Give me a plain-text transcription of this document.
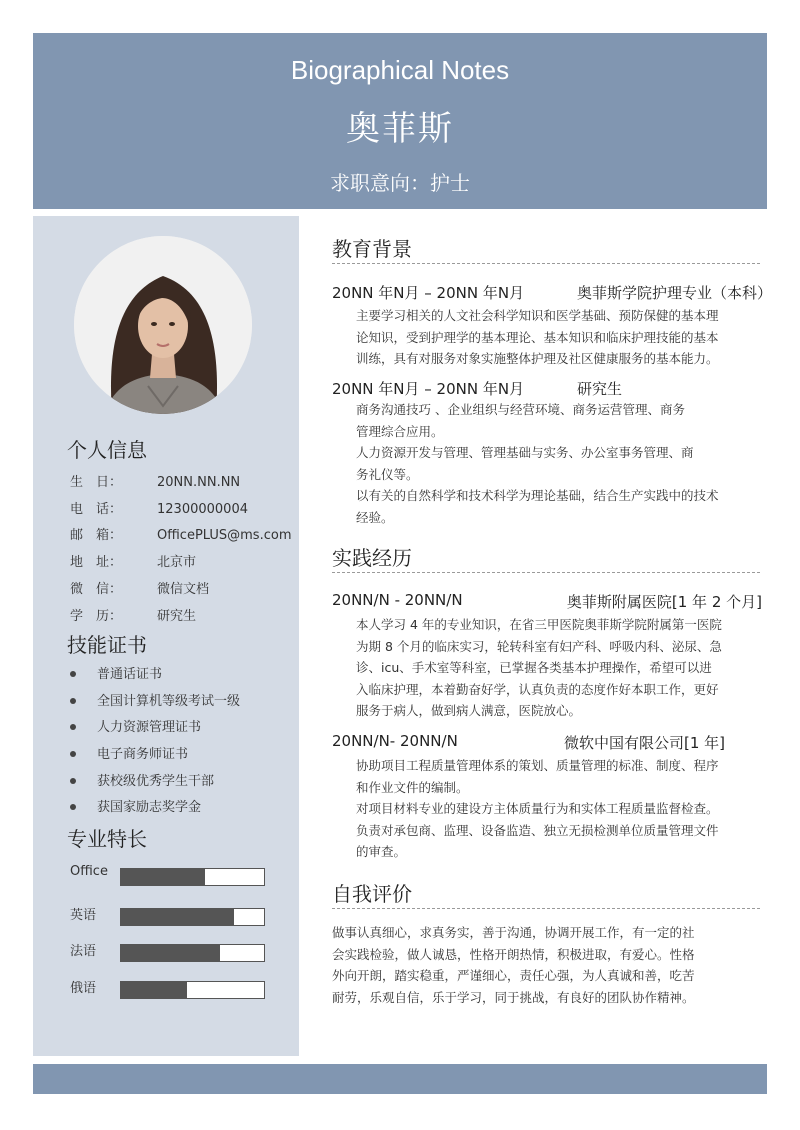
Biographical Notes
奥菲斯
求职意向：护士
个人信息
生　日：	20NN.NN.NN
电　话：	12300000004
邮　箱：	OfficePLUS@ms.com
地　址：	北京市
微　信：	微信文档
学　历：	研究生
技能证书
普通话证书
全国计算机等级考试一级
人力资源管理证书
电子商务师证书
获校级优秀学生干部
获国家励志奖学金
专业特长
Office
英语
法语
俄语
教育背景
20NN 年N月 – 20NN 年N月	奥菲斯学院护理专业（本科）
主要学习相关的人文社会科学知识和医学基础、预防保健的基本理
论知识，受到护理学的基本理论、基本知识和临床护理技能的基本
训练，具有对服务对象实施整体护理及社区健康服务的基本能力。
20NN 年N月 – 20NN 年N月	研究生
商务沟通技巧 、企业组织与经营环境、商务运营管理、商务
管理综合应用。
人力资源开发与管理、管理基础与实务、办公室事务管理、商
务礼仪等。
以有关的自然科学和技术科学为理论基础，结合生产实践中的技术
经验。
实践经历
20NN/N - 20NN/N	奥菲斯附属医院[1 年 2 个月]
本人学习 4 年的专业知识，在省三甲医院奥菲斯学院附属第一医院
为期 8 个月的临床实习，轮转科室有妇产科、呼吸内科、泌尿、急
诊、icu、手术室等科室，已掌握各类基本护理操作，希望可以进
入临床护理，本着勤奋好学，认真负责的态度作好本职工作，更好
服务于病人，做到病人满意，医院放心。
20NN/N- 20NN/N	微软中国有限公司[1 年]
协助项目工程质量管理体系的策划、质量管理的标准、制度、程序
和作业文件的编制。
对项目材料专业的建设方主体质量行为和实体工程质量监督检查。
负责对承包商、监理、设备监造、独立无损检测单位质量管理文件
的审查。
自我评价
做事认真细心，求真务实，善于沟通，协调开展工作，有一定的社
会实践检验，做人诚恳，性格开朗热情，积极进取，有爱心。性格
外向开朗，踏实稳重，严谨细心，责任心强，为人真诚和善，吃苦
耐劳，乐观自信，乐于学习，同于挑战，有良好的团队协作精神。
